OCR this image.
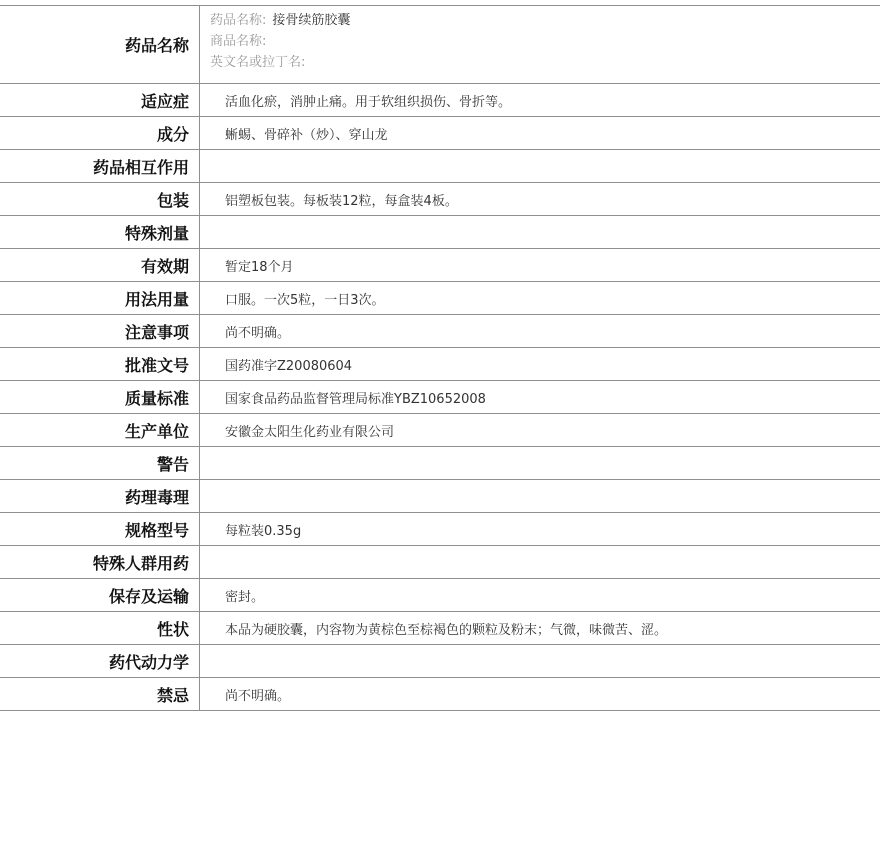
药品名称	药品名称: 接骨续筋胶囊
商品名称:
英文名或拉丁名:

适应症	活血化瘀，消肿止痛。用于软组织损伤、骨折等。
成分	蜥蜴、骨碎补（炒）、穿山龙
药品相互作用	
包装	铝塑板包装。每板装12粒，每盒装4板。
特殊剂量	
有效期	暂定18个月
用法用量	口服。一次5粒，一日3次。
注意事项	尚不明确。
批准文号	国药准字Z20080604
质量标准	国家食品药品监督管理局标准YBZ10652008
生产单位	安徽金太阳生化药业有限公司
警告	
药理毒理	
规格型号	每粒装0.35g
特殊人群用药	
保存及运输	密封。
性状	本品为硬胶囊，内容物为黄棕色至棕褐色的颗粒及粉末；气微，味微苦、涩。
药代动力学	
禁忌	尚不明确。
